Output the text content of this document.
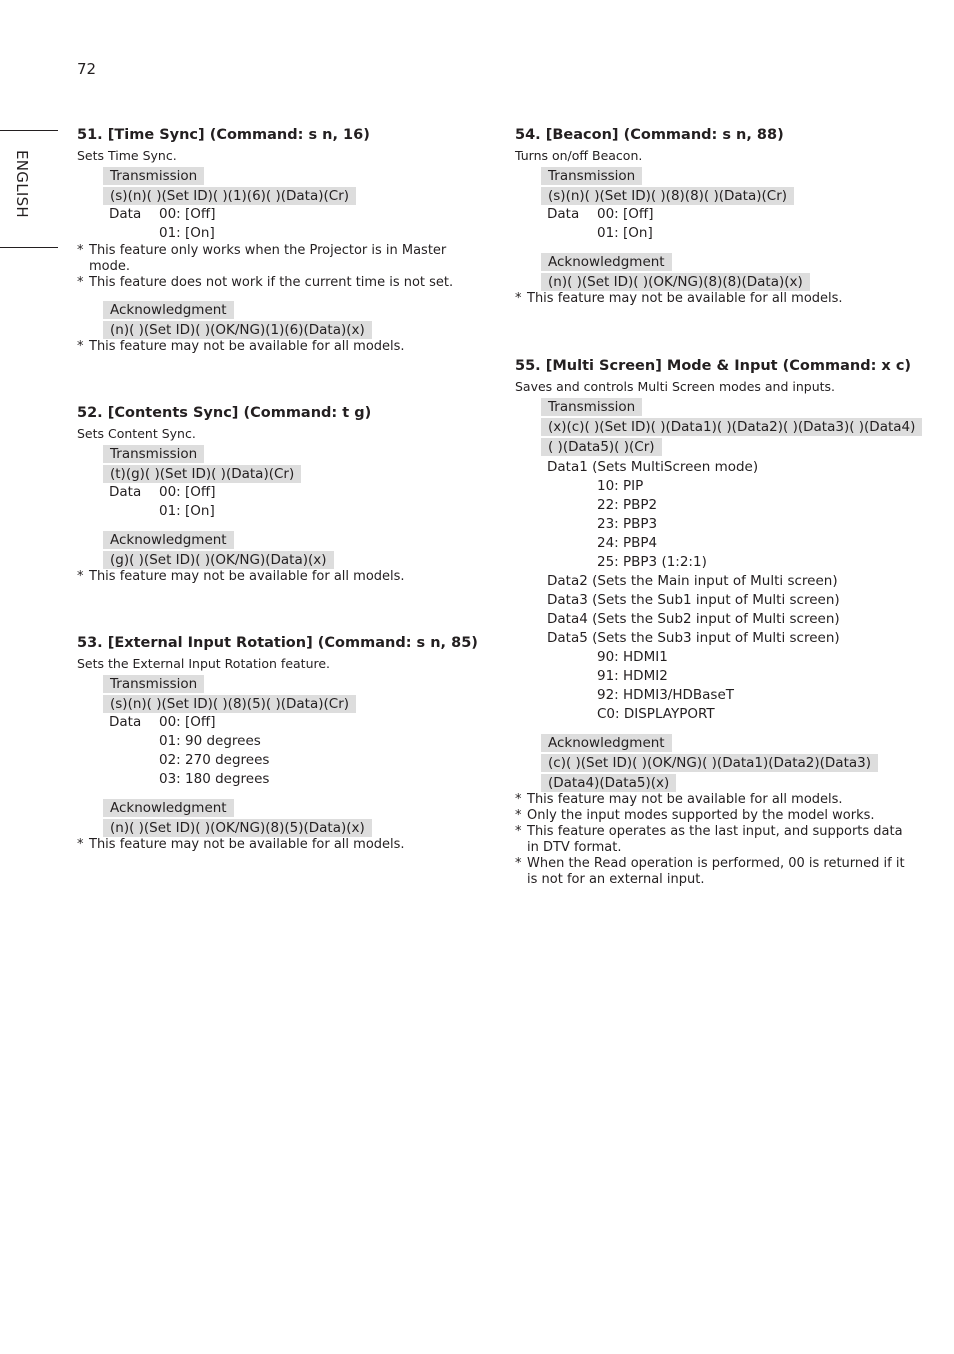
72
ENGLISH
51. [Time Sync] (Command: s n, 16)
Sets Time Sync.
Transmission
(s)(n)( )(Set ID)( )(1)(6)( )(Data)(Cr)
Data	00: [Off]
01: [On]
* This feature only works when the Projector is in Master mode.
* This feature does not work if the current time is not set.
Acknowledgment
(n)( )(Set ID)( )(OK/NG)(1)(6)(Data)(x)
* This feature may not be available for all models.
52. [Contents Sync] (Command: t g)
Sets Content Sync.
Transmission
(t)(g)( )(Set ID)( )(Data)(Cr)
Data	00: [Off]
01: [On]
Acknowledgment
(g)( )(Set ID)( )(OK/NG)(Data)(x)
* This feature may not be available for all models.
53. [External Input Rotation] (Command: s n, 85)
Sets the External Input Rotation feature.
Transmission
(s)(n)( )(Set ID)( )(8)(5)( )(Data)(Cr)
Data	00: [Off]
01: 90 degrees
02: 270 degrees
03: 180 degrees
Acknowledgment
(n)( )(Set ID)( )(OK/NG)(8)(5)(Data)(x)
* This feature may not be available for all models.
54. [Beacon] (Command: s n, 88)
Turns on/off Beacon.
Transmission
(s)(n)( )(Set ID)( )(8)(8)( )(Data)(Cr)
Data	00: [Off]
01: [On]
Acknowledgment
(n)( )(Set ID)( )(OK/NG)(8)(8)(Data)(x)
* This feature may not be available for all models.
55. [Multi Screen] Mode & Input (Command: x c)
Saves and controls Multi Screen modes and inputs.
Transmission
(x)(c)( )(Set ID)( )(Data1)( )(Data2)( )(Data3)( )(Data4)
( )(Data5)( )(Cr)
Data1 (Sets MultiScreen mode)
10: PIP
22: PBP2
23: PBP3
24: PBP4
25: PBP3 (1:2:1)
Data2 (Sets the Main input of Multi screen)
Data3 (Sets the Sub1 input of Multi screen)
Data4 (Sets the Sub2 input of Multi screen)
Data5 (Sets the Sub3 input of Multi screen)
90: HDMI1
91: HDMI2
92: HDMI3/HDBaseT
C0: DISPLAYPORT
Acknowledgment
(c)( )(Set ID)( )(OK/NG)( )(Data1)(Data2)(Data3)
(Data4)(Data5)(x)
* This feature may not be available for all models.
* Only the input modes supported by the model works.
* This feature operates as the last input, and supports data in DTV format.
* When the Read operation is performed, 00 is returned if it is not for an external input.
